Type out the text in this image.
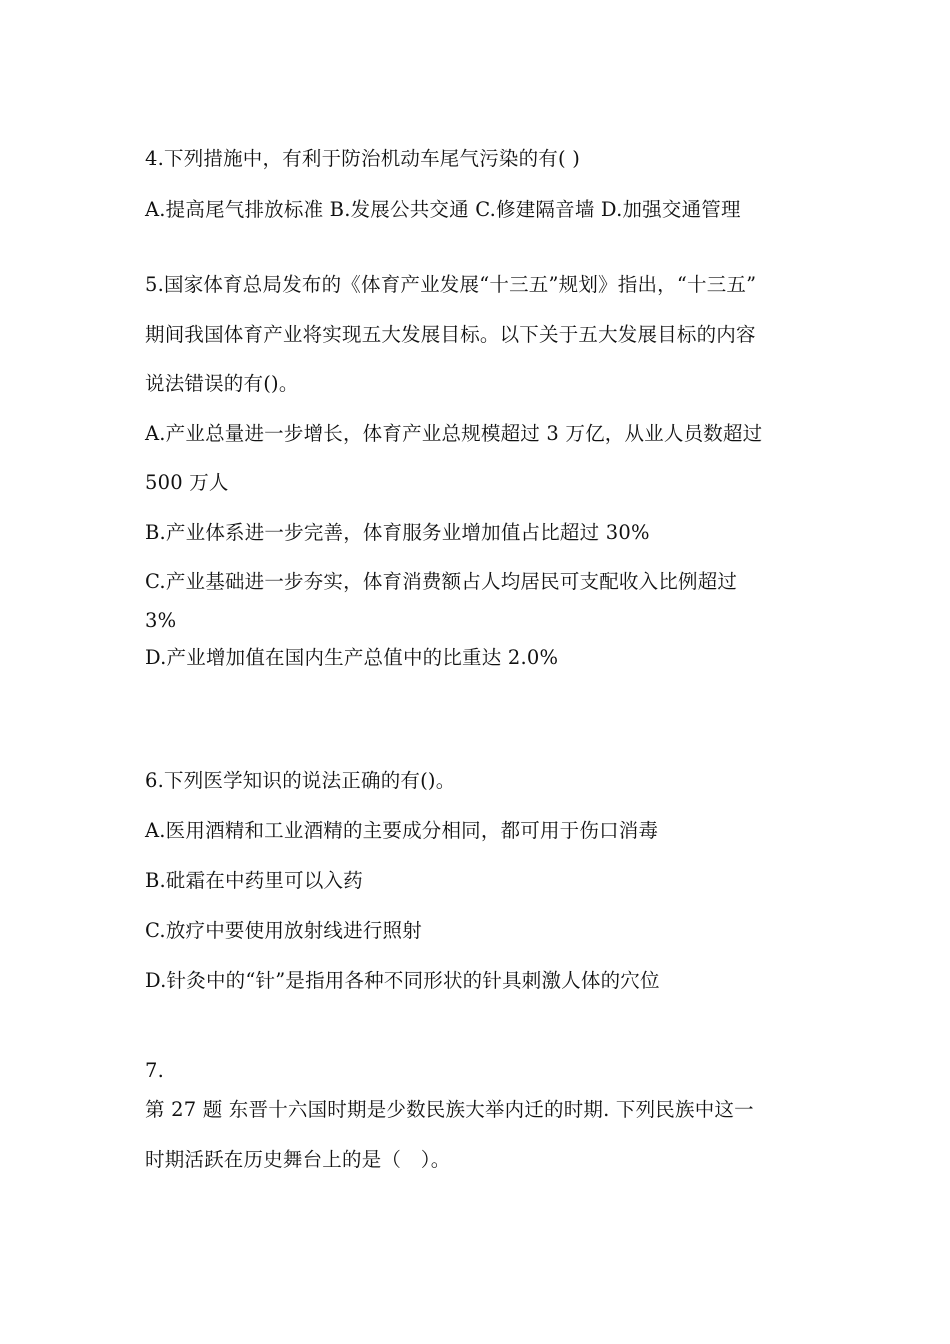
4.下列措施中，有利于防治机动车尾气污染的有( )
A.提高尾气排放标准 B.发展公共交通 C.修建隔音墙 D.加强交通管理
5.国家体育总局发布的《体育产业发展“十三五”规划》指出，“十三五”
期间我国体育产业将实现五大发展目标。以下关于五大发展目标的内容
说法错误的有()。
A.产业总量进一步增长，体育产业总规模超过 3 万亿，从业人员数超过
500 万人
B.产业体系进一步完善，体育服务业增加值占比超过 30%
C.产业基础进一步夯实，体育消费额占人均居民可支配收入比例超过
3%
D.产业增加值在国内生产总值中的比重达 2.0%
6.下列医学知识的说法正确的有()。
A.医用酒精和工业酒精的主要成分相同，都可用于伤口消毒
B.砒霜在中药里可以入药
C.放疗中要使用放射线进行照射
D.针灸中的“针”是指用各种不同形状的针具刺激人体的穴位
7.
第 27 题 东晋十六国时期是少数民族大举内迁的时期. 下列民族中这一
时期活跃在历史舞台上的是（　）。
